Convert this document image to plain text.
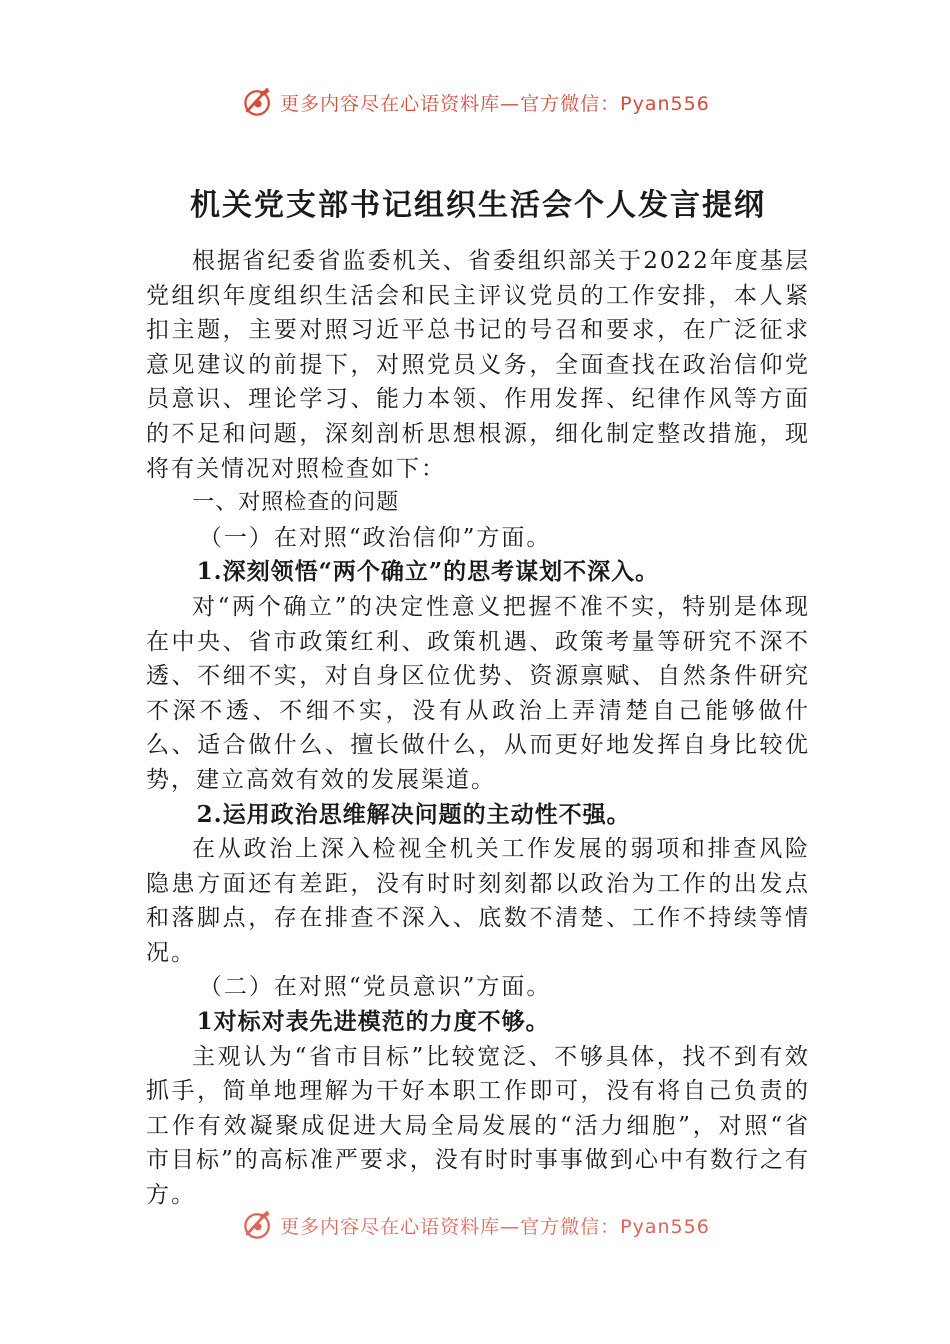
更多内容尽在心语资料库—官方微信：Pyan556
机关党支部书记组织生活会个人发言提纲

根据省纪委省监委机关、省委组织部关于2022年度基层党组织年度组织生活会和民主评议党员的工作安排，本人紧扣主题，主要对照习近平总书记的号召和要求，在广泛征求意见建议的前提下，对照党员义务，全面查找在政治信仰党员意识、理论学习、能力本领、作用发挥、纪律作风等方面的不足和问题，深刻剖析思想根源，细化制定整改措施，现将有关情况对照检查如下：

一、对照检查的问题

（一）在对照“政治信仰”方面。

1.深刻领悟“两个确立”的思考谋划不深入。

对“两个确立”的决定性意义把握不准不实，特别是体现在中央、省市政策红利、政策机遇、政策考量等研究不深不透、不细不实，对自身区位优势、资源禀赋、自然条件研究不深不透、不细不实，没有从政治上弄清楚自己能够做什么、适合做什么、擅长做什么，从而更好地发挥自身比较优势，建立高效有效的发展渠道。

2.运用政治思维解决问题的主动性不强。

在从政治上深入检视全机关工作发展的弱项和排查风险隐患方面还有差距，没有时时刻刻都以政治为工作的出发点和落脚点，存在排查不深入、底数不清楚、工作不持续等情况。

（二）在对照“党员意识”方面。

1对标对表先进模范的力度不够。

主观认为“省市目标”比较宽泛、不够具体，找不到有效抓手，简单地理解为干好本职工作即可，没有将自己负责的工作有效凝聚成促进大局全局发展的“活力细胞”，对照“省市目标”的高标准严要求，没有时时事事做到心中有数行之有方。

更多内容尽在心语资料库—官方微信：Pyan556
